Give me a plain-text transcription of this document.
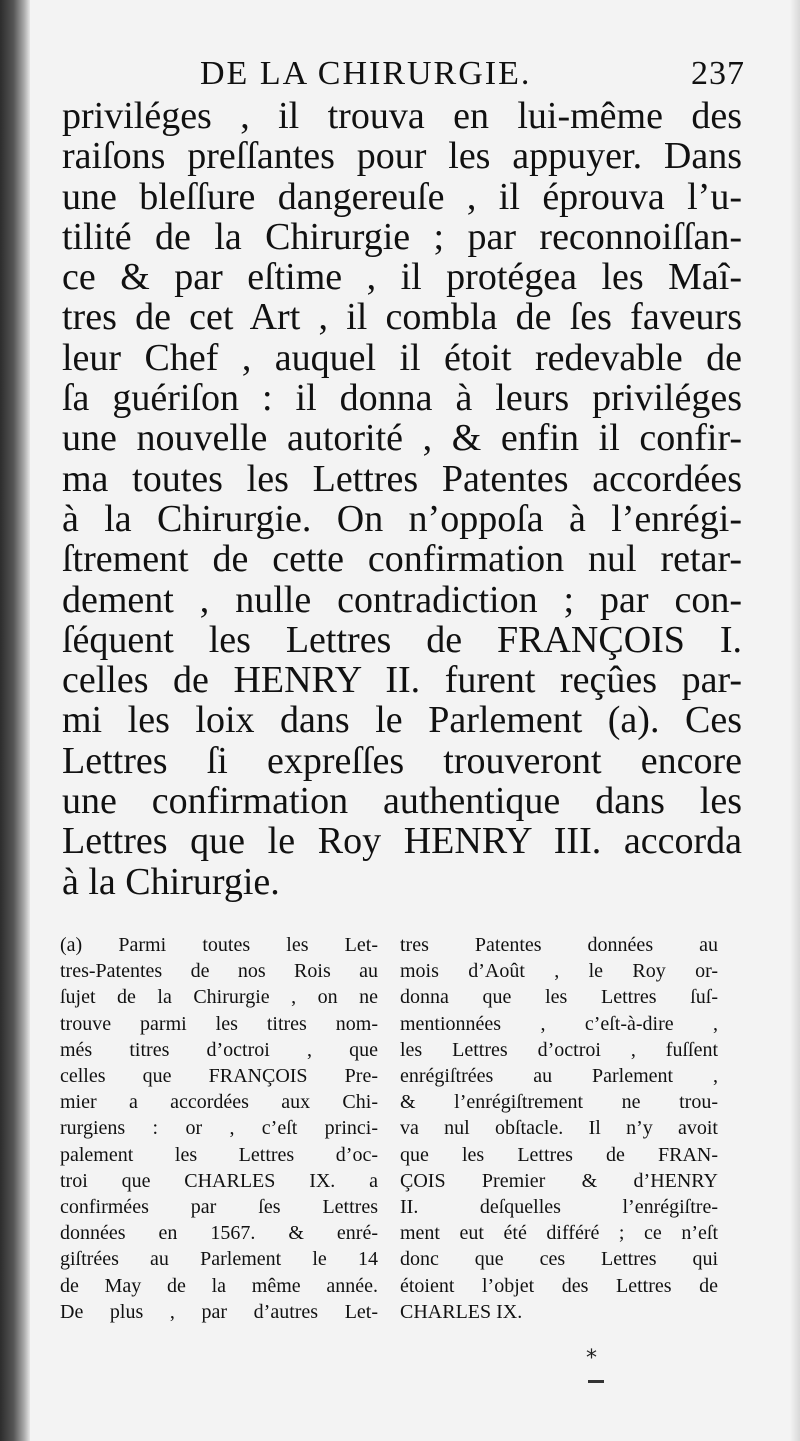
DE LA CHIRURGIE.	237
priviléges , il trouva en lui-même des
raiſons preſſantes pour les appuyer. Dans
une bleſſure dangereuſe , il éprouva l’u-
tilité de la Chirurgie ; par reconnoiſſan-
ce & par eſtime , il protégea les Maî-
tres de cet Art , il combla de ſes faveurs
leur Chef , auquel il étoit redevable de
ſa guériſon : il donna à leurs priviléges
une nouvelle autorité , & enfin il confir-
ma toutes les Lettres Patentes accordées
à la Chirurgie. On n’oppoſa à l’enrégi-
ſtrement de cette confirmation nul retar-
dement , nulle contradiction ; par con-
ſéquent les Lettres de FRANÇOIS I.
celles de HENRY II. furent reçûes par-
mi les loix dans le Parlement (a). Ces
Lettres ſi expreſſes trouveront encore
une confirmation authentique dans les
Lettres que le Roy HENRY III. accorda
à la Chirurgie.
(a) Parmi toutes les Let-
tres-Patentes de nos Rois au
ſujet de la Chirurgie , on ne
trouve parmi les titres nom-
més titres d’octroi , que
celles que FRANÇOIS Pre-
mier a accordées aux Chi-
rurgiens : or , c’eſt princi-
palement les Lettres d’oc-
troi que CHARLES IX. a
confirmées par ſes Lettres
données en 1567. & enré-
giſtrées au Parlement le 14
de May de la même année.
De plus , par d’autres Let-
tres Patentes données au
mois d’Août , le Roy or-
donna que les Lettres ſuſ-
mentionnées , c’eſt-à-dire ,
les Lettres d’octroi , fuſſent
enrégiſtrées au Parlement ,
& l’enrégiſtrement ne trou-
va nul obſtacle. Il n’y avoit
que les Lettres de FRAN-
ÇOIS Premier & d’HENRY
II. deſquelles l’enrégiſtre-
ment eut été différé ; ce n’eſt
donc que ces Lettres qui
étoient l’objet des Lettres de
CHARLES IX.
*
